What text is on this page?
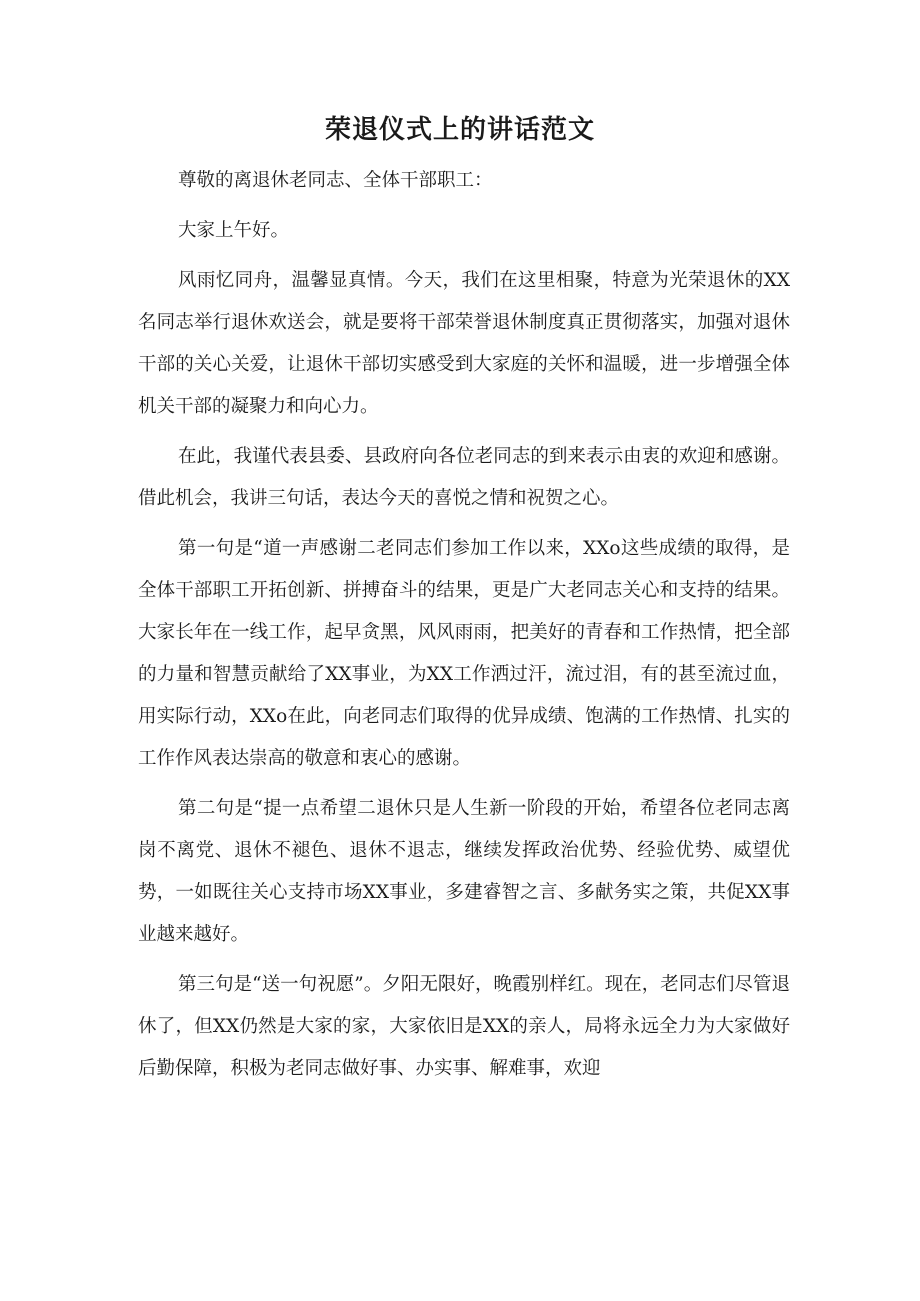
荣退仪式上的讲话范文

尊敬的离退休老同志、全体干部职工：

大家上午好。

风雨忆同舟，温馨显真情。今天，我们在这里相聚，特意为光荣退休的XX名同志举行退休欢送会，就是要将干部荣誉退休制度真正贯彻落实，加强对退休干部的关心关爱，让退休干部切实感受到大家庭的关怀和温暖，进一步增强全体机关干部的凝聚力和向心力。

在此，我谨代表县委、县政府向各位老同志的到来表示由衷的欢迎和感谢。借此机会，我讲三句话，表达今天的喜悦之情和祝贺之心。

第一句是“道一声感谢二老同志们参加工作以来，XXo这些成绩的取得，是全体干部职工开拓创新、拼搏奋斗的结果，更是广大老同志关心和支持的结果。大家长年在一线工作，起早贪黑，风风雨雨，把美好的青春和工作热情，把全部的力量和智慧贡献给了XX事业，为XX工作洒过汗，流过泪，有的甚至流过血，用实际行动，XXo在此，向老同志们取得的优异成绩、饱满的工作热情、扎实的工作作风表达崇高的敬意和衷心的感谢。

第二句是“提一点希望二退休只是人生新一阶段的开始，希望各位老同志离岗不离党、退休不褪色、退休不退志，继续发挥政治优势、经验优势、威望优势，一如既往关心支持市场XX事业，多建睿智之言、多献务实之策，共促XX事业越来越好。

第三句是“送一句祝愿”。夕阳无限好，晚霞别样红。现在，老同志们尽管退休了，但XX仍然是大家的家，大家依旧是XX的亲人，局将永远全力为大家做好后勤保障，积极为老同志做好事、办实事、解难事，欢迎
